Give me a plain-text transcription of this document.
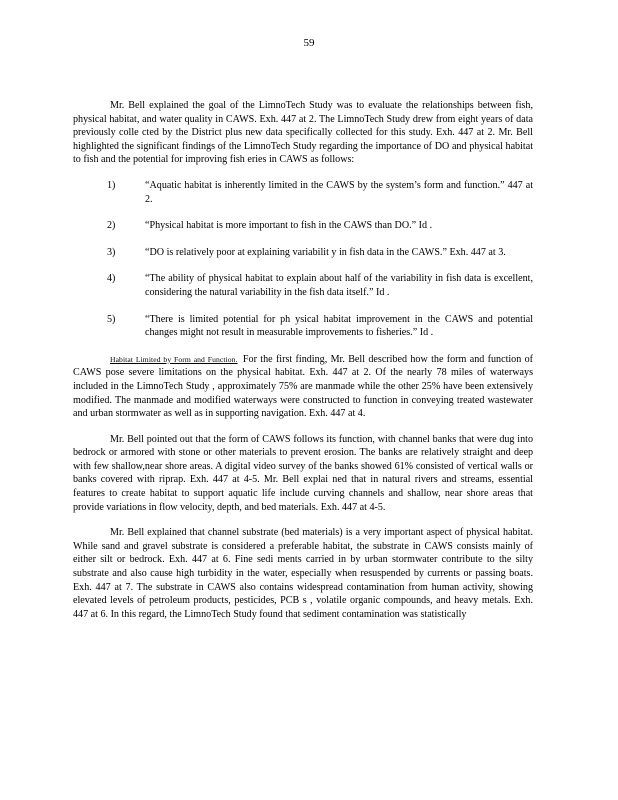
59

Mr. Bell explained the goal of the LimnoTech Study was to evaluate the relationships between fish, physical habitat, and water quality in CAWS. Exh. 447 at 2. The LimnoTech Study drew from eight years of data previously colle cted by the District plus new data specifically collected for this study. Exh. 447 at 2. Mr. Bell highlighted the significant findings of the LimnoTech Study regarding the importance of DO and physical habitat to fish and the potential for improving fish eries in CAWS as follows:

1)	“Aquatic habitat is inherently limited in the CAWS by the system’s form and function.” 447 at 2.
2)	“Physical habitat is more important to fish in the CAWS than DO.” Id .
3)	“DO is relatively poor at explaining variabilit y in fish data in the CAWS.” Exh. 447 at 3.
4)	“The ability of physical habitat to explain about half of the variability in fish data is excellent, considering the natural variability in the fish data itself.” Id .
5)	“There is limited potential for ph ysical habitat improvement in the CAWS and potential changes might not result in measurable improvements to fisheries.” Id .

Habitat Limited by Form and Function. For the first finding, Mr. Bell described how the form and function of CAWS pose severe limitations on the physical habitat. Exh. 447 at 2. Of the nearly 78 miles of waterways included in the LimnoTech Study , approximately 75% are manmade while the other 25% have been extensively modified. The manmade and modified waterways were constructed to function in conveying treated wastewater and urban stormwater as well as in supporting navigation. Exh. 447 at 4.

Mr. Bell pointed out that the form of CAWS follows its function, with channel banks that were dug into bedrock or armored with stone or other materials to prevent erosion. The banks are relatively straight and deep with few shallow,near shore areas. A digital video survey of the banks showed 61% consisted of vertical walls or banks covered with riprap. Exh. 447 at 4-5. Mr. Bell explai ned that in natural rivers and streams, essential features to create habitat to support aquatic life include curving channels and shallow, near shore areas that provide variations in flow velocity, depth, and bed materials. Exh. 447 at 4-5.

Mr. Bell explained that channel substrate (bed materials) is a very important aspect of physical habitat. While sand and gravel substrate is considered a preferable habitat, the substrate in CAWS consists mainly of either silt or bedrock. Exh. 447 at 6. Fine sedi ments carried in by urban stormwater contribute to the silty substrate and also cause high turbidity in the water, especially when resuspended by currents or passing boats. Exh. 447 at 7. The substrate in CAWS also contains widespread contamination from human activity, showing elevated levels of petroleum products, pesticides, PCB s , volatile organic compounds, and heavy metals. Exh. 447 at 6. In this regard, the LimnoTech Study found that sediment contamination was statistically
